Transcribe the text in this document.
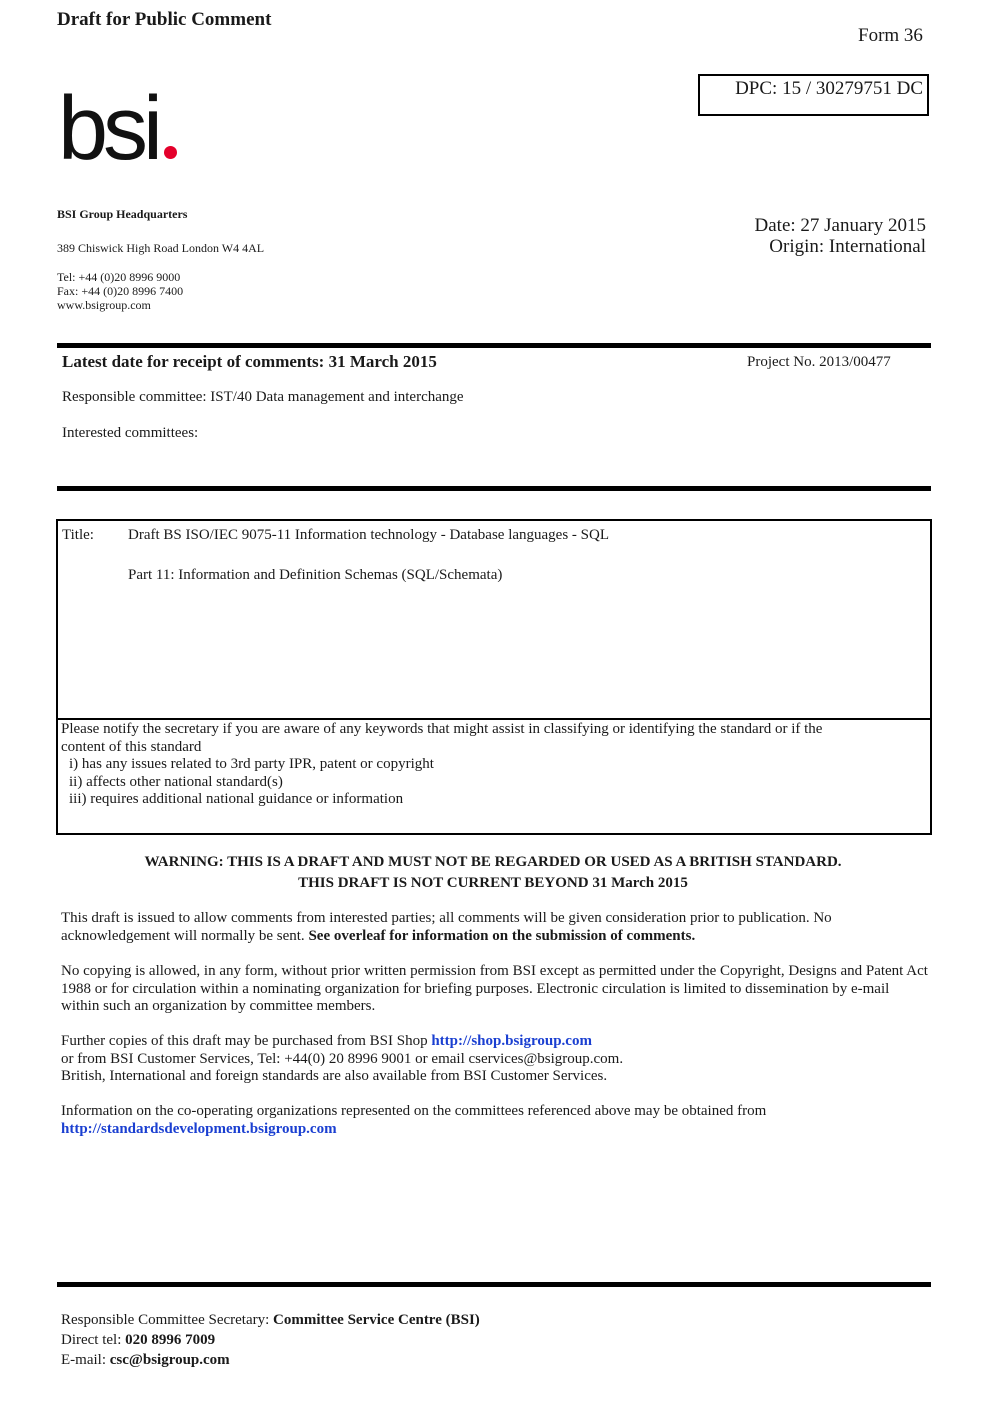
Draft for Public Comment
Form 36
DPC: 15 / 30279751 DC
bsi
BSI Group Headquarters
389 Chiswick High Road London W4 4AL
Tel: +44 (0)20 8996 9000
Fax: +44 (0)20 8996 7400
www.bsigroup.com
Date: 27 January 2015
Origin: International
Latest date for receipt of comments: 31 March 2015	Project No. 2013/00477
Responsible committee: IST/40 Data management and interchange
Interested committees:
Title: Draft BS ISO/IEC 9075-11 Information technology - Database languages - SQL
Part 11: Information and Definition Schemas (SQL/Schemata)
Please notify the secretary if you are aware of any keywords that might assist in classifying or identifying the standard or if the
content of this standard
i) has any issues related to 3rd party IPR, patent or copyright
ii) affects other national standard(s)
iii) requires additional national guidance or information
WARNING: THIS IS A DRAFT AND MUST NOT BE REGARDED OR USED AS A BRITISH STANDARD.
THIS DRAFT IS NOT CURRENT BEYOND 31 March 2015
This draft is issued to allow comments from interested parties; all comments will be given consideration prior to publication. No acknowledgement will normally be sent. See overleaf for information on the submission of comments.
No copying is allowed, in any form, without prior written permission from BSI except as permitted under the Copyright, Designs and Patent Act 1988 or for circulation within a nominating organization for briefing purposes. Electronic circulation is limited to dissemination by e-mail within such an organization by committee members.
Further copies of this draft may be purchased from BSI Shop http://shop.bsigroup.com
or from BSI Customer Services, Tel: +44(0) 20 8996 9001 or email cservices@bsigroup.com.
British, International and foreign standards are also available from BSI Customer Services.
Information on the co-operating organizations represented on the committees referenced above may be obtained from
http://standardsdevelopment.bsigroup.com
Responsible Committee Secretary: Committee Service Centre (BSI)
Direct tel: 020 8996 7009
E-mail: csc@bsigroup.com
